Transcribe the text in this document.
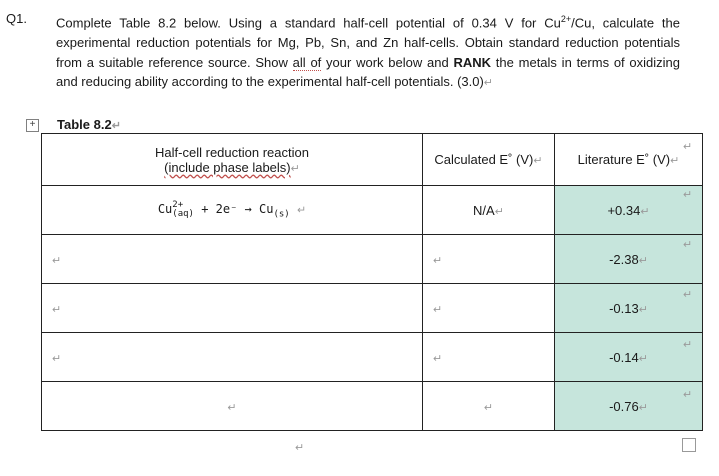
Q1. Complete Table 8.2 below. Using a standard half-cell potential of 0.34 V for $Cu^{2+}/Cu$, calculate the experimental reduction potentials for Mg, Pb, Sn, and Zn half-cells. Obtain standard reduction potentials from a suitable reference source. Show all of your work below and RANK the metals in terms of oxidizing and reducing ability according to the experimental half-cell potentials. (3.0)↵

+ Table 8.2↵
Half-cell reduction reaction
(include phase labels)↵	Calculated E˚ (V)↵	Literature E˚ (V)↵
Cu 2+
$(aq) + 2e^- \to Cu_{(s)}$ ↵	N/A↵	+0.34↵
↵	↵	-2.38↵
↵	↵	-0.13↵
↵	↵	-0.14↵
↵	↵	-0.76↵
↵
↵
↵
↵
↵
↵
↵
